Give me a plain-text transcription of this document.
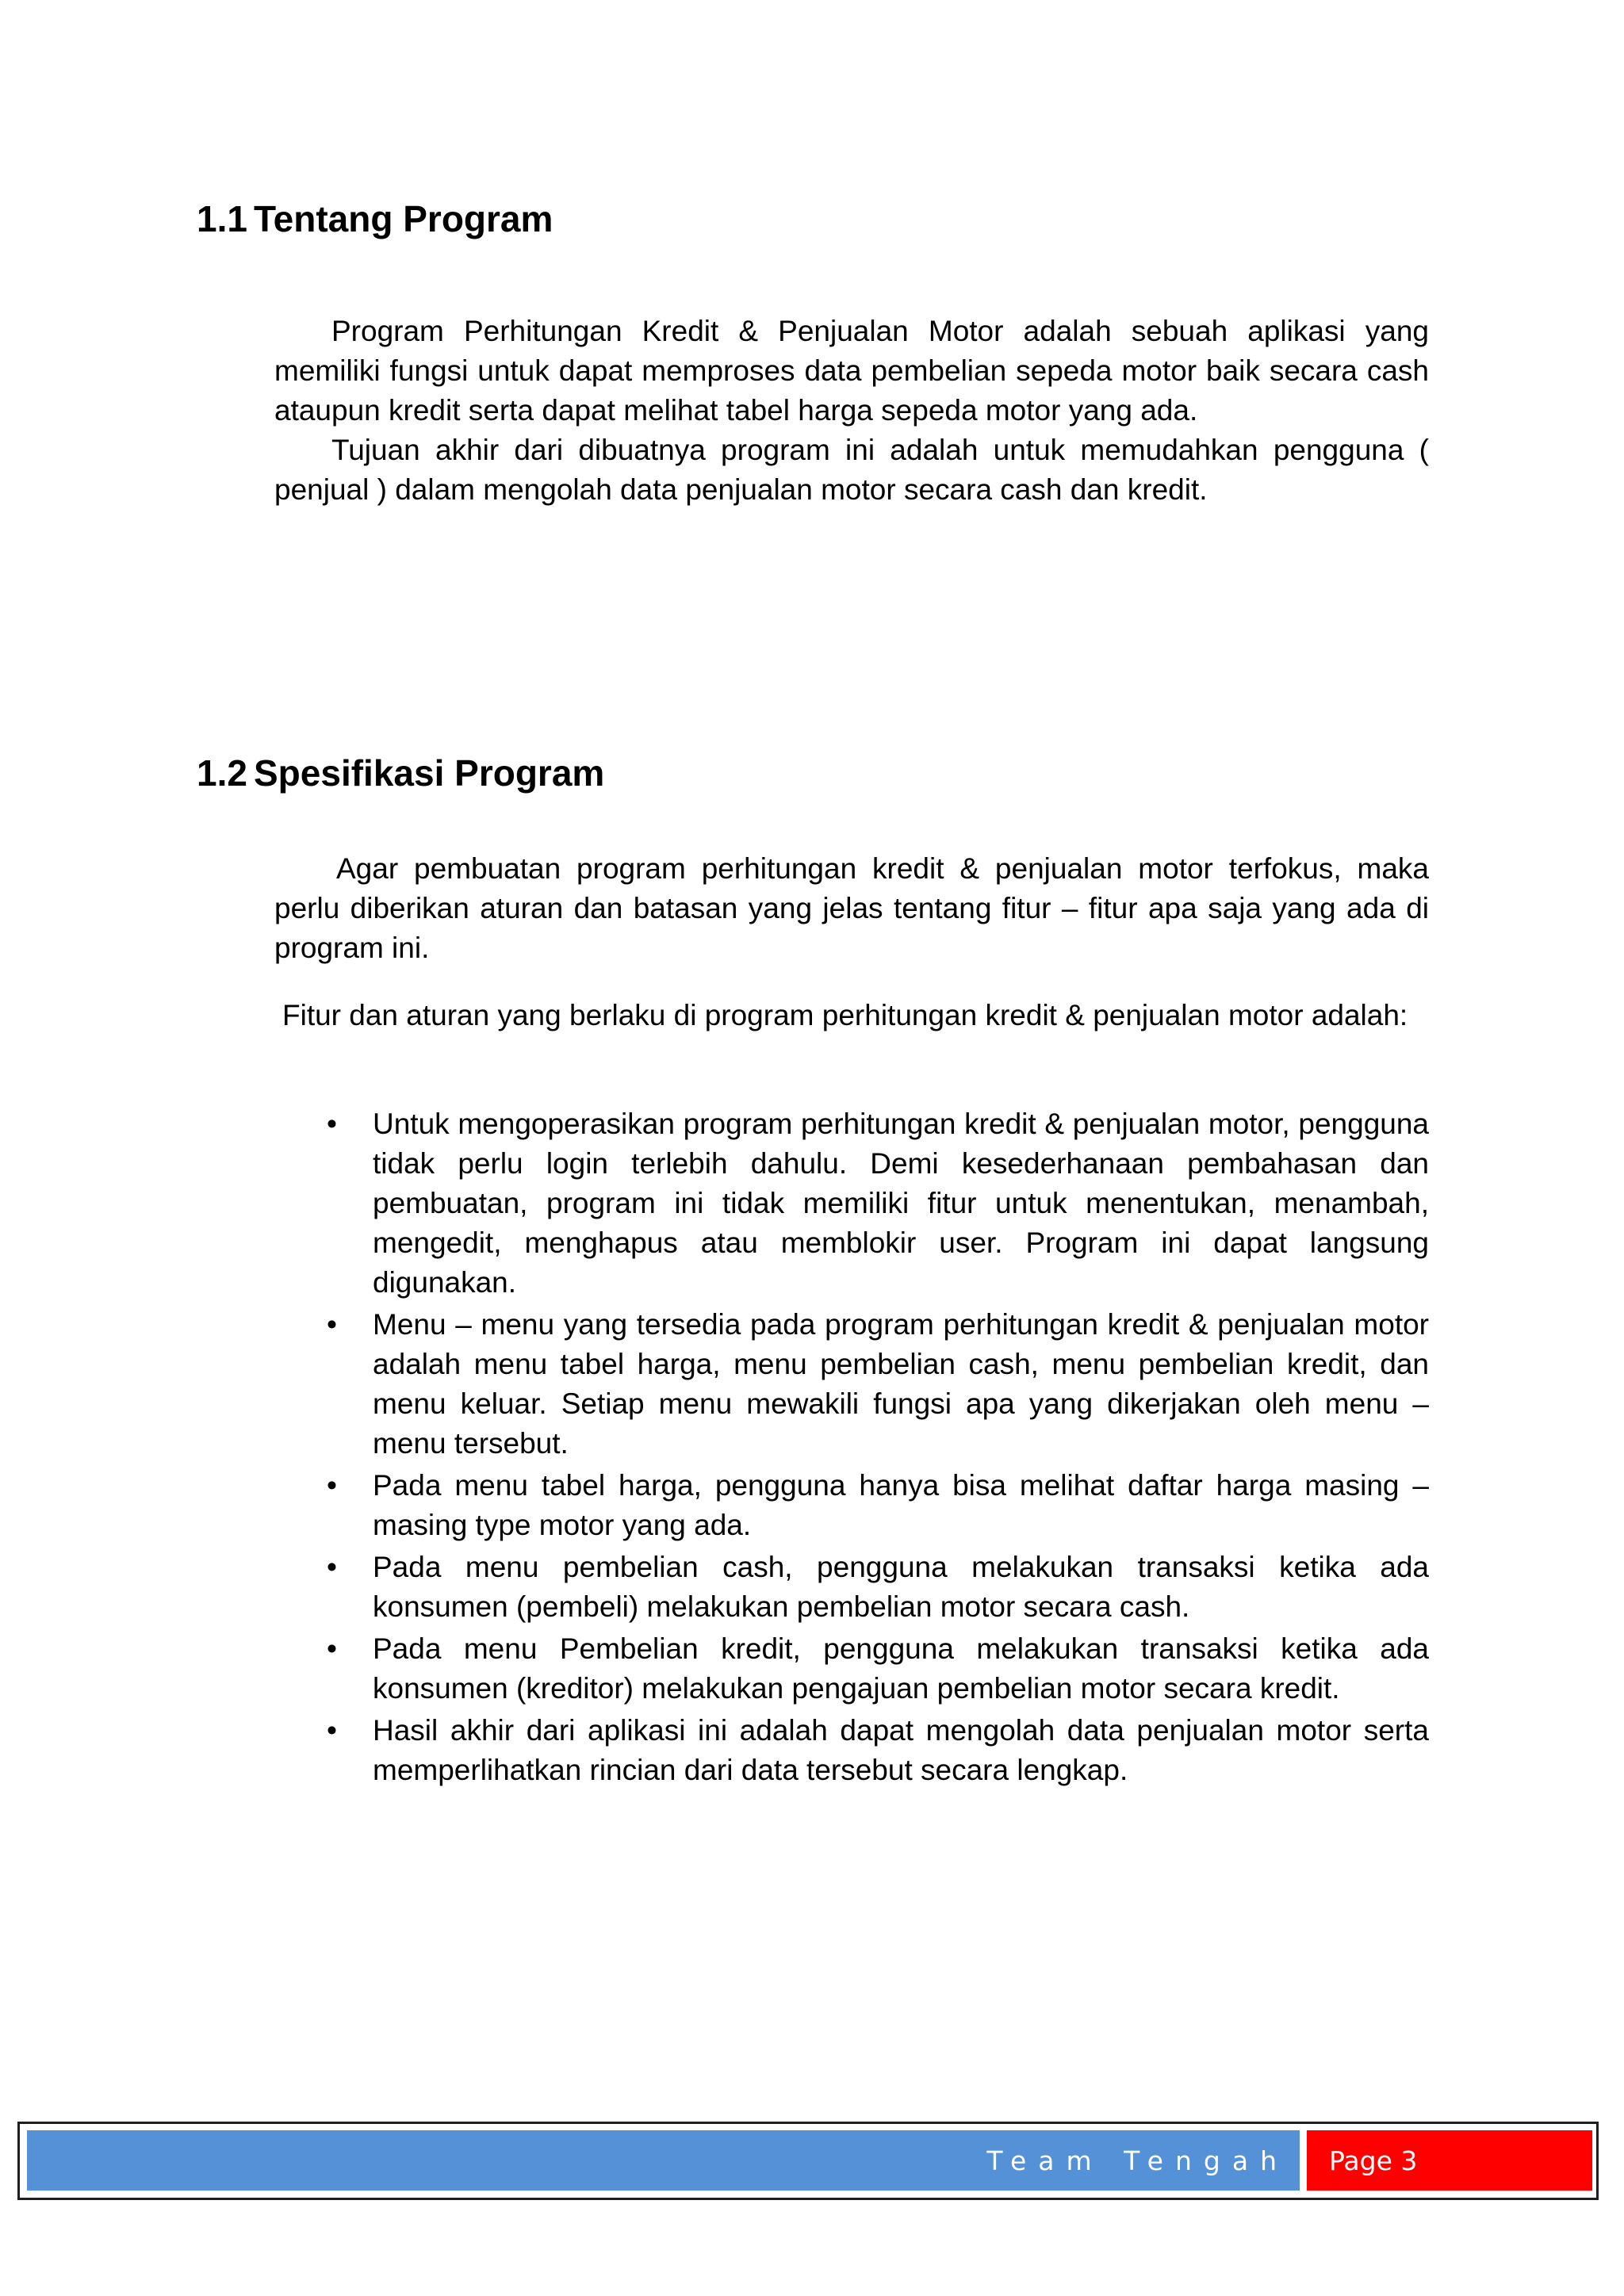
1.1 Tentang Program

Program Perhitungan Kredit & Penjualan Motor adalah sebuah aplikasi yang memiliki fungsi untuk dapat memproses data pembelian sepeda motor baik secara cash ataupun kredit serta dapat melihat tabel harga sepeda motor yang ada.

Tujuan akhir dari dibuatnya program ini adalah untuk memudahkan pengguna ( penjual ) dalam mengolah data penjualan motor secara cash dan kredit.

1.2 Spesifikasi Program

Agar pembuatan program perhitungan kredit & penjualan motor terfokus, maka perlu diberikan aturan dan batasan yang jelas tentang fitur – fitur apa saja yang ada di program ini.

Fitur dan aturan yang berlaku di program perhitungan kredit & penjualan motor adalah:

•	Untuk mengoperasikan program perhitungan kredit & penjualan motor, pengguna tidak perlu login terlebih dahulu. Demi kesederhanaan pembahasan dan pembuatan, program ini tidak memiliki fitur untuk menentukan, menambah, mengedit, menghapus atau memblokir user. Program ini dapat langsung digunakan.
•	Menu – menu yang tersedia pada program perhitungan kredit & penjualan motor adalah menu tabel harga, menu pembelian cash, menu pembelian kredit, dan menu keluar. Setiap menu mewakili fungsi apa yang dikerjakan oleh menu – menu tersebut.
•	Pada menu tabel harga, pengguna hanya bisa melihat daftar harga masing – masing type motor yang ada.
•	Pada menu pembelian cash, pengguna melakukan transaksi ketika ada konsumen (pembeli) melakukan pembelian motor secara cash.
•	Pada menu Pembelian kredit, pengguna melakukan transaksi ketika ada konsumen (kreditor) melakukan pengajuan pembelian motor secara kredit.
•	Hasil akhir dari aplikasi ini adalah dapat mengolah data penjualan motor serta memperlihatkan rincian dari data tersebut secara lengkap.
Team Tengah	Page 3
